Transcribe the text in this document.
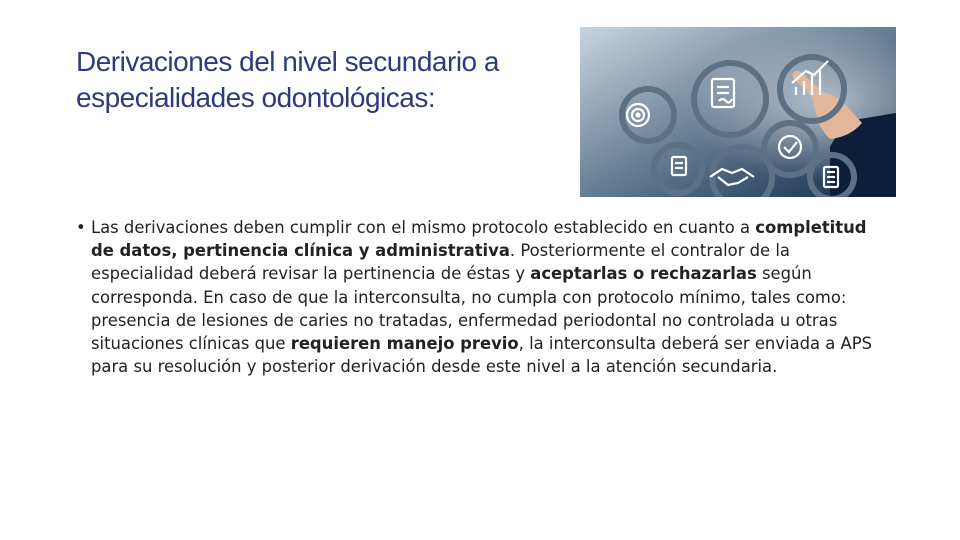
Derivaciones del nivel secundario a
especialidades odontológicas:
• Las derivaciones deben cumplir con el mismo protocolo establecido en cuanto a completitud de datos, pertinencia clínica y administrativa. Posteriormente el contralor de la especialidad deberá revisar la pertinencia de éstas y aceptarlas o rechazarlas según corresponda. En caso de que la interconsulta, no cumpla con protocolo mínimo, tales como: presencia de lesiones de caries no tratadas, enfermedad periodontal no controlada u otras situaciones clínicas que requieren manejo previo, la interconsulta deberá ser enviada a APS para su resolución y posterior derivación desde este nivel a la atención secundaria.
